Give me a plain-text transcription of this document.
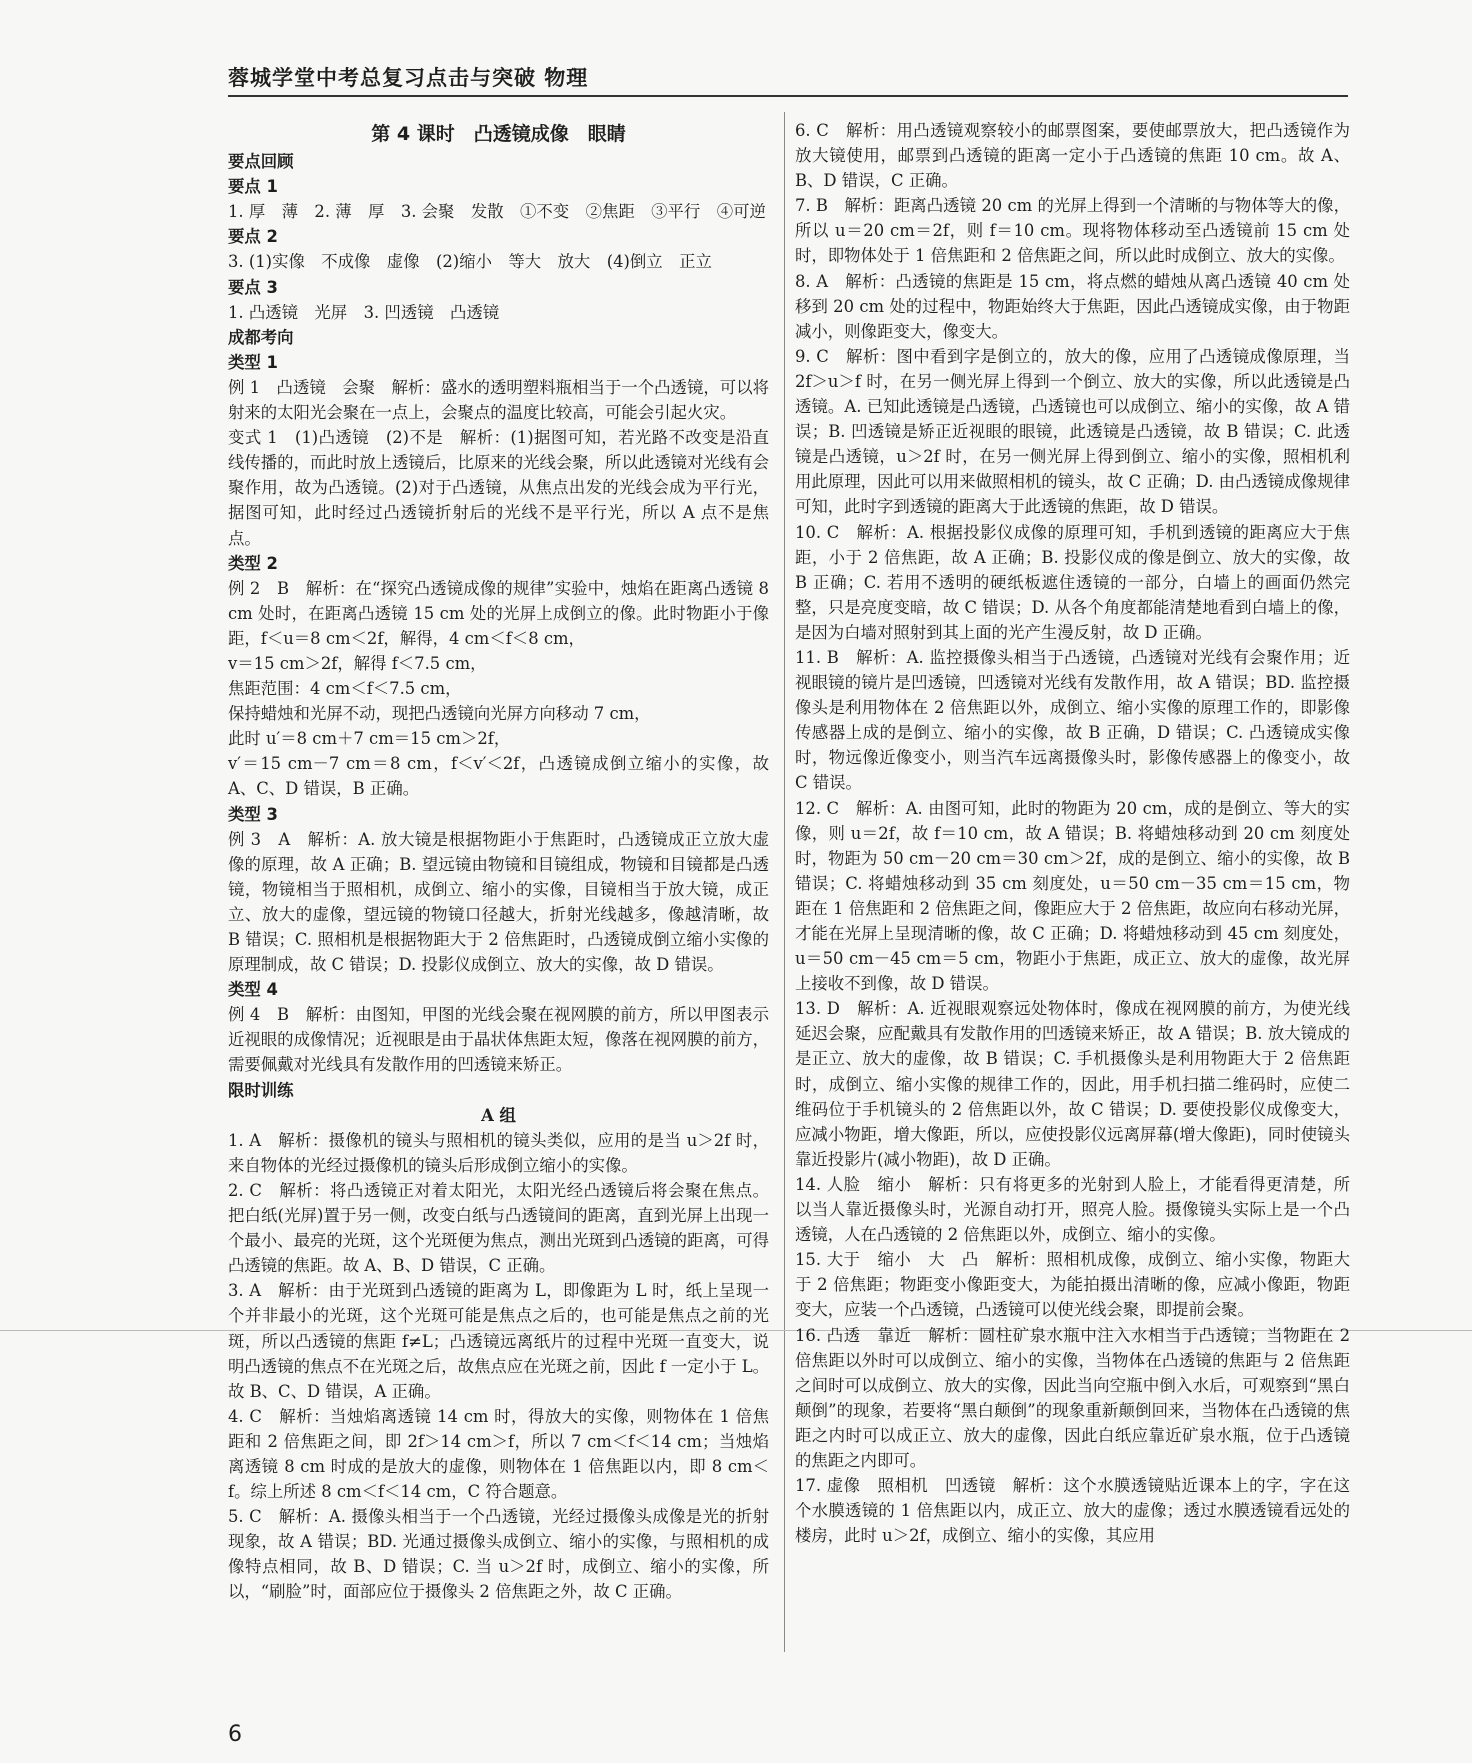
蓉城学堂中考总复习点击与突破 物理
第 4 课时　凸透镜成像　眼睛
要点回顾
要点 1

1. 厚　薄　2. 薄　厚　3. 会聚　发散　①不变　②焦距　③平行　④可逆

要点 2

3. (1)实像　不成像　虚像　(2)缩小　等大　放大　(4)倒立　正立

要点 3

1. 凸透镜　光屏　3. 凹透镜　凸透镜

成都考向
类型 1

例 1　凸透镜　会聚　解析：盛水的透明塑料瓶相当于一个凸透镜，可以将射来的太阳光会聚在一点上，会聚点的温度比较高，可能会引起火灾。

变式 1　(1)凸透镜　(2)不是　解析：(1)据图可知，若光路不改变是沿直线传播的，而此时放上透镜后，比原来的光线会聚，所以此透镜对光线有会聚作用，故为凸透镜。(2)对于凸透镜，从焦点出发的光线会成为平行光，据图可知，此时经过凸透镜折射后的光线不是平行光，所以 A 点不是焦点。

类型 2

例 2　B　解析：在“探究凸透镜成像的规律”实验中，烛焰在距离凸透镜 8 cm 处时，在距离凸透镜 15 cm 处的光屏上成倒立的像。此时物距小于像距，f＜u＝8 cm＜2f，解得，4 cm＜f＜8 cm，

v＝15 cm＞2f，解得 f＜7.5 cm，

焦距范围：4 cm＜f＜7.5 cm，

保持蜡烛和光屏不动，现把凸透镜向光屏方向移动 7 cm，

此时 u′＝8 cm＋7 cm＝15 cm＞2f，

v′＝15 cm－7 cm＝8 cm，f＜v′＜2f，凸透镜成倒立缩小的实像，故 A、C、D 错误，B 正确。

类型 3

例 3　A　解析：A. 放大镜是根据物距小于焦距时，凸透镜成正立放大虚像的原理，故 A 正确；B. 望远镜由物镜和目镜组成，物镜和目镜都是凸透镜，物镜相当于照相机，成倒立、缩小的实像，目镜相当于放大镜，成正立、放大的虚像，望远镜的物镜口径越大，折射光线越多，像越清晰，故 B 错误；C. 照相机是根据物距大于 2 倍焦距时，凸透镜成倒立缩小实像的原理制成，故 C 错误；D. 投影仪成倒立、放大的实像，故 D 错误。

类型 4

例 4　B　解析：由图知，甲图的光线会聚在视网膜的前方，所以甲图表示近视眼的成像情况；近视眼是由于晶状体焦距太短，像落在视网膜的前方，需要佩戴对光线具有发散作用的凹透镜来矫正。

限时训练
A 组

1. A　解析：摄像机的镜头与照相机的镜头类似，应用的是当 u＞2f 时，来自物体的光经过摄像机的镜头后形成倒立缩小的实像。

2. C　解析：将凸透镜正对着太阳光，太阳光经凸透镜后将会聚在焦点。把白纸(光屏)置于另一侧，改变白纸与凸透镜间的距离，直到光屏上出现一个最小、最亮的光斑，这个光斑便为焦点，测出光斑到凸透镜的距离，可得凸透镜的焦距。故 A、B、D 错误，C 正确。

3. A　解析：由于光斑到凸透镜的距离为 L，即像距为 L 时，纸上呈现一个并非最小的光斑，这个光斑可能是焦点之后的，也可能是焦点之前的光斑，所以凸透镜的焦距 f≠L；凸透镜远离纸片的过程中光斑一直变大，说明凸透镜的焦点不在光斑之后，故焦点应在光斑之前，因此 f 一定小于 L。故 B、C、D 错误，A 正确。

4. C　解析：当烛焰离透镜 14 cm 时，得放大的实像，则物体在 1 倍焦距和 2 倍焦距之间，即 2f＞14 cm＞f，所以 7 cm＜f＜14 cm；当烛焰离透镜 8 cm 时成的是放大的虚像，则物体在 1 倍焦距以内，即 8 cm＜f。综上所述 8 cm＜f＜14 cm，C 符合题意。

5. C　解析：A. 摄像头相当于一个凸透镜，光经过摄像头成像是光的折射现象，故 A 错误；BD. 光通过摄像头成倒立、缩小的实像，与照相机的成像特点相同，故 B、D 错误；C. 当 u＞2f 时，成倒立、缩小的实像，所以，“刷脸”时，面部应位于摄像头 2 倍焦距之外，故 C 正确。

6. C　解析：用凸透镜观察较小的邮票图案，要使邮票放大，把凸透镜作为放大镜使用，邮票到凸透镜的距离一定小于凸透镜的焦距 10 cm。故 A、B、D 错误，C 正确。

7. B　解析：距离凸透镜 20 cm 的光屏上得到一个清晰的与物体等大的像，所以 u＝20 cm＝2f，则 f＝10 cm。现将物体移动至凸透镜前 15 cm 处时，即物体处于 1 倍焦距和 2 倍焦距之间，所以此时成倒立、放大的实像。

8. A　解析：凸透镜的焦距是 15 cm，将点燃的蜡烛从离凸透镜 40 cm 处移到 20 cm 处的过程中，物距始终大于焦距，因此凸透镜成实像，由于物距减小，则像距变大，像变大。

9. C　解析：图中看到字是倒立的，放大的像，应用了凸透镜成像原理，当 2f＞u＞f 时，在另一侧光屏上得到一个倒立、放大的实像，所以此透镜是凸透镜。A. 已知此透镜是凸透镜，凸透镜也可以成倒立、缩小的实像，故 A 错误；B. 凹透镜是矫正近视眼的眼镜，此透镜是凸透镜，故 B 错误；C. 此透镜是凸透镜，u＞2f 时，在另一侧光屏上得到倒立、缩小的实像，照相机利用此原理，因此可以用来做照相机的镜头，故 C 正确；D. 由凸透镜成像规律可知，此时字到透镜的距离大于此透镜的焦距，故 D 错误。

10. C　解析：A. 根据投影仪成像的原理可知，手机到透镜的距离应大于焦距，小于 2 倍焦距，故 A 正确；B. 投影仪成的像是倒立、放大的实像，故 B 正确；C. 若用不透明的硬纸板遮住透镜的一部分，白墙上的画面仍然完整，只是亮度变暗，故 C 错误；D. 从各个角度都能清楚地看到白墙上的像，是因为白墙对照射到其上面的光产生漫反射，故 D 正确。

11. B　解析：A. 监控摄像头相当于凸透镜，凸透镜对光线有会聚作用；近视眼镜的镜片是凹透镜，凹透镜对光线有发散作用，故 A 错误；BD. 监控摄像头是利用物体在 2 倍焦距以外，成倒立、缩小实像的原理工作的，即影像传感器上成的是倒立、缩小的实像，故 B 正确，D 错误；C. 凸透镜成实像时，物远像近像变小，则当汽车远离摄像头时，影像传感器上的像变小，故 C 错误。

12. C　解析：A. 由图可知，此时的物距为 20 cm，成的是倒立、等大的实像，则 u＝2f，故 f＝10 cm，故 A 错误；B. 将蜡烛移动到 20 cm 刻度处时，物距为 50 cm－20 cm＝30 cm＞2f，成的是倒立、缩小的实像，故 B 错误；C. 将蜡烛移动到 35 cm 刻度处，u＝50 cm－35 cm＝15 cm，物距在 1 倍焦距和 2 倍焦距之间，像距应大于 2 倍焦距，故应向右移动光屏，才能在光屏上呈现清晰的像，故 C 正确；D. 将蜡烛移动到 45 cm 刻度处，u＝50 cm－45 cm＝5 cm，物距小于焦距，成正立、放大的虚像，故光屏上接收不到像，故 D 错误。

13. D　解析：A. 近视眼观察远处物体时，像成在视网膜的前方，为使光线延迟会聚，应配戴具有发散作用的凹透镜来矫正，故 A 错误；B. 放大镜成的是正立、放大的虚像，故 B 错误；C. 手机摄像头是利用物距大于 2 倍焦距时，成倒立、缩小实像的规律工作的，因此，用手机扫描二维码时，应使二维码位于手机镜头的 2 倍焦距以外，故 C 错误；D. 要使投影仪成像变大，应减小物距，增大像距，所以，应使投影仪远离屏幕(增大像距)，同时使镜头靠近投影片(减小物距)，故 D 正确。

14. 人脸　缩小　解析：只有将更多的光射到人脸上，才能看得更清楚，所以当人靠近摄像头时，光源自动打开，照亮人脸。摄像镜头实际上是一个凸透镜，人在凸透镜的 2 倍焦距以外，成倒立、缩小的实像。

15. 大于　缩小　大　凸　解析：照相机成像，成倒立、缩小实像，物距大于 2 倍焦距；物距变小像距变大，为能拍摄出清晰的像，应减小像距，物距变大，应装一个凸透镜，凸透镜可以使光线会聚，即提前会聚。

16. 凸透　靠近　解析：圆柱矿泉水瓶中注入水相当于凸透镜；当物距在 2 倍焦距以外时可以成倒立、缩小的实像，当物体在凸透镜的焦距与 2 倍焦距之间时可以成倒立、放大的实像，因此当向空瓶中倒入水后，可观察到“黑白颠倒”的现象，若要将“黑白颠倒”的现象重新颠倒回来，当物体在凸透镜的焦距之内时可以成正立、放大的虚像，因此白纸应靠近矿泉水瓶，位于凸透镜的焦距之内即可。

17. 虚像　照相机　凹透镜　解析：这个水膜透镜贴近课本上的字，字在这个水膜透镜的 1 倍焦距以内，成正立、放大的虚像；透过水膜透镜看远处的楼房，此时 u＞2f，成倒立、缩小的实像，其应用

6
